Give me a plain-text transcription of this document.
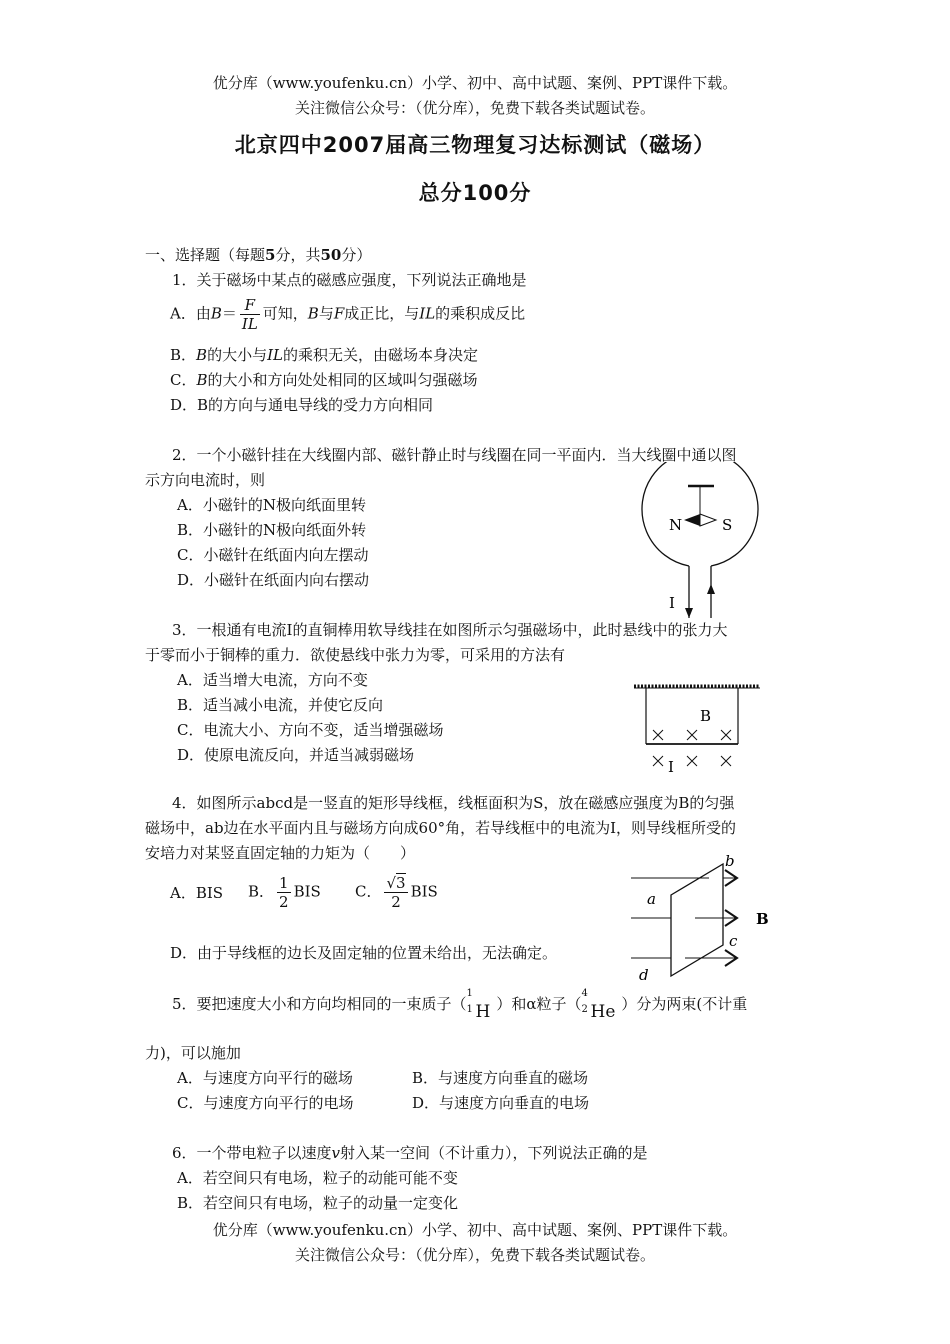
优分库（www.youfenku.cn）小学、初中、高中试题、案例、PPT课件下载。
关注微信公众号：（优分库），免费下载各类试题试卷。
北京四中2007届高三物理复习达标测试（磁场）
总分100分
一、选择题（每题5分，共50分）
1．关于磁场中某点的磁感应强度，下列说法正确地是
A．由$B= \frac{F}{IL}$ 可知，B与F成正比，与IL的乘积成反比
B．B的大小与IL的乘积无关，由磁场本身决定
C．B的大小和方向处处相同的区域叫匀强磁场
D．B的方向与通电导线的受力方向相同
2．一个小磁针挂在大线圈内部、磁针静止时与线圈在同一平面内．当大线圈中通以图
示方向电流时，则
A．小磁针的N极向纸面里转
B．小磁针的N极向纸面外转
C．小磁针在纸面内向左摆动
D．小磁针在纸面内向右摆动
N	S
I
3．一根通有电流I的直铜棒用软导线挂在如图所示匀强磁场中，此时悬线中的张力大
于零而小于铜棒的重力．欲使悬线中张力为零，可采用的方法有
A．适当增大电流，方向不变
B．适当减小电流，并使它反向
C．电流大小、方向不变，适当增强磁场
D．使原电流反向，并适当减弱磁场
B
I
4．如图所示abcd是一竖直的矩形导线框，线框面积为S，放在磁感应强度为B的匀强
磁场中，ab边在水平面内且与磁场方向成60°角，若导线框中的电流为I，则导线框所受的
安培力对某竖直固定轴的力矩为（　　）
A．BIS B． $\frac{1}{2}$ BIS C． $\frac{√3}{2}$ BIS
D．由于导线框的边长及固定轴的位置未给出，无法确定。
b
a
c
d
B
5．要把速度大小和方向均相同的一束质子（
1
1 H ）和α粒子（
4
2 He ）分为两束(不计重
力)，可以施加
A．与速度方向平行的磁场	B．与速度方向垂直的磁场
C．与速度方向平行的电场	D．与速度方向垂直的电场
6．一个带电粒子以速度v射入某一空间（不计重力），下列说法正确的是
A．若空间只有电场，粒子的动能可能不变
B．若空间只有电场，粒子的动量一定变化
优分库（www.youfenku.cn）小学、初中、高中试题、案例、PPT课件下载。
关注微信公众号：（优分库），免费下载各类试题试卷。
